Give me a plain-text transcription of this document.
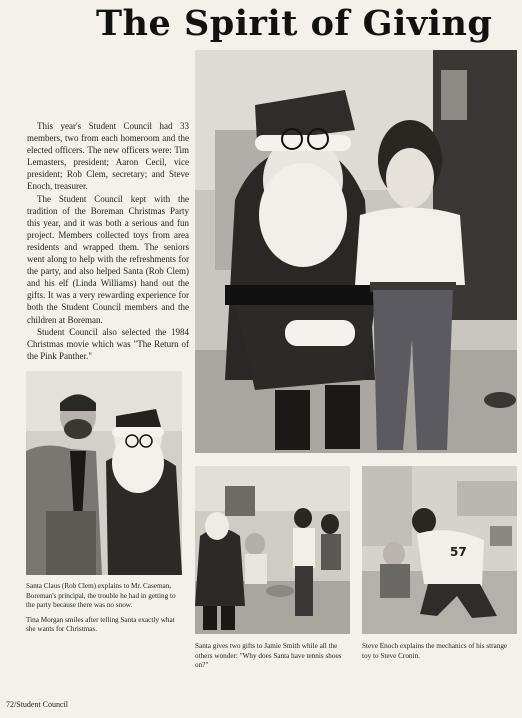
The Spirit of Giving

This year's Student Council had 33 members, two from each homeroom and the elected officers. The new officers were: Tim Lemasters, president; Aaron Cecil, vice president; Rob Clem, secretary; and Steve Enoch, treasurer.

The Student Council kept with the tradition of the Boreman Christmas Party this year, and it was both a serious and fun project. Members collected toys from area residents and wrapped them. The seniors went along to help with the refreshments for the party, and also helped Santa (Rob Clem) and his elf (Linda Williams) hand out the gifts. It was a very rewarding experience for both the Student Council members and the children at Boreman.

Student Council also selected the 1984 Christmas movie which was "The Return of the Pink Panther."

57

Santa Claus (Rob Clem) explains to Mr. Caseman, Boreman's principal, the trouble he had in getting to the party because there was no snow.

Tina Morgan smiles after telling Santa exactly what she wants for Christmas.

Santa gives two gifts to Jamie Smith while all the others wonder: "Why does Santa have tennis shoes on?"
Steve Enoch explains the mechanics of his strange toy to Steve Cronin.
72/Student Council
